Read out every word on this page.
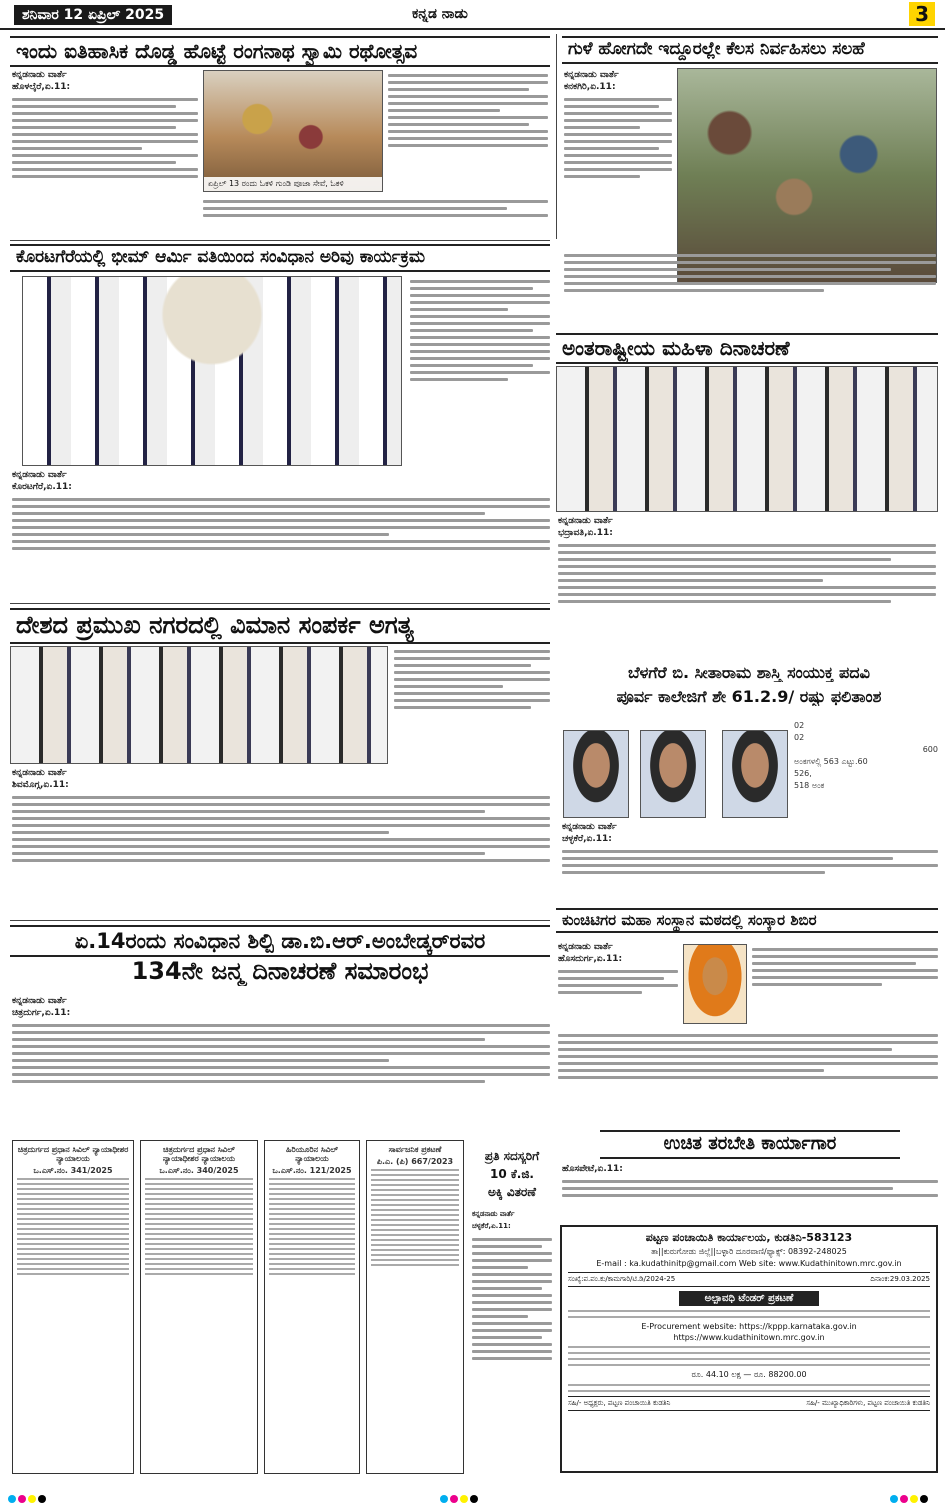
ಶನಿವಾರ 12 ಏಪ್ರಿಲ್ 2025	ಕನ್ನಡ ನಾಡು	3
ಇಂದು ಐತಿಹಾಸಿಕ ದೊಡ್ಡ ಹೊಟ್ಟೆ ರಂಗನಾಥ ಸ್ವಾಮಿ ರಥೋತ್ಸವ
ಕನ್ನಡನಾಡು ವಾರ್ತೆ
ಹೊಳಲ್ಕೆರೆ,ಏ.11:
ಏಪ್ರಿಲ್ 13 ರಂದು ಓಕಳಿ ಗುಂಡಿ ಪೂಜಾ ಸೇವೆ, ಓಕಳಿ
ಗುಳೆ ಹೋಗದೇ ಇದ್ದೂರಲ್ಲೇ ಕೆಲಸ ನಿರ್ವಹಿಸಲು ಸಲಹೆ
ಕನ್ನಡನಾಡು ವಾರ್ತೆ
ಕನಕಗಿರಿ,ಏ.11:
ಕೊರಟಗೆರೆಯಲ್ಲಿ ಭೀಮ್ ಆರ್ಮಿ ವತಿಯಿಂದ ಸಂವಿಧಾನ ಅರಿವು ಕಾರ್ಯಕ್ರಮ
ಕನ್ನಡನಾಡು ವಾರ್ತೆ
ಕೊರಟಗೆರೆ,ಏ.11:
ಅಂತರಾಷ್ಟ್ರೀಯ ಮಹಿಳಾ ದಿನಾಚರಣೆ
ಕನ್ನಡನಾಡು ವಾರ್ತೆ
ಭದ್ರಾವತಿ,ಏ.11:
ದೇಶದ ಪ್ರಮುಖ ನಗರದಲ್ಲಿ ವಿಮಾನ ಸಂಪರ್ಕ ಅಗತ್ಯ
ಕನ್ನಡನಾಡು ವಾರ್ತೆ
ಶಿವಮೊಗ್ಗ,ಏ.11:
ಬೆಳಗೆರೆ ಬಿ. ಸೀತಾರಾಮ ಶಾಸ್ತ್ರಿ ಸಂಯುಕ್ತ ಪದವಿ
ಪೂರ್ವ ಕಾಲೇಜಿಗೆ ಶೇ 61.2.9/ ರಷ್ಟು ಫಲಿತಾಂಶ
02
02
600
ಅಂಕಗಳಲ್ಲಿ 563 ಎಟ್ಟು.60
526,
518 ಅಂಕ
ಕನ್ನಡನಾಡು ವಾರ್ತೆ
ಚಳ್ಳಕೆರೆ,ಏ.11:
ಏ.14ರಂದು ಸಂವಿಧಾನ ಶಿಲ್ಪಿ ಡಾ.ಬಿ.ಆರ್.ಅಂಬೇಡ್ಕರ್‌ರವರ
134ನೇ ಜನ್ಮ ದಿನಾಚರಣೆ ಸಮಾರಂಭ
ಕನ್ನಡನಾಡು ವಾರ್ತೆ
ಚಿತ್ರದುರ್ಗ,ಏ.11:
ಕುಂಚಿಟಿಗರ ಮಹಾ ಸಂಸ್ಥಾನ ಮಠದಲ್ಲಿ ಸಂಸ್ಕಾರ ಶಿಬಿರ
ಕನ್ನಡನಾಡು ವಾರ್ತೆ
ಹೊಸದುರ್ಗ,ಏ.11:
ಉಚಿತ ತರಬೇತಿ ಕಾರ್ಯಾಗಾರ
ಹೊಸಪೇಟೆ,ಏ.11:
ಚಿತ್ರದುರ್ಗದ ಪ್ರಧಾನ ಸಿವಿಲ್ ನ್ಯಾಯಾಧೀಶರ ನ್ಯಾಯಾಲಯ
ಒ.ಎಸ್.ನಂ. 341/2025
ಚಿತ್ರದುರ್ಗದ ಪ್ರಧಾನ ಸಿವಿಲ್ ನ್ಯಾಯಾಧೀಶರ ನ್ಯಾಯಾಲಯ
ಒ.ಎಸ್.ನಂ. 340/2025
ಹಿರಿಯೂರಿನ ಸಿವಿಲ್ ನ್ಯಾಯಾಲಯ
ಒ.ಎಸ್.ನಂ. 121/2025
ಸಾರ್ವಜನಿಕ ಪ್ರಕಟಣೆ
ಪಿ.ಎ. (ಪಿ) 667/2023	ಪ್ರತಿ ಸದಸ್ಯರಿಗೆ
10 ಕೆ.ಜಿ.
ಅಕ್ಕಿ ವಿತರಣೆ
ಕನ್ನಡನಾಡು ವಾರ್ತೆ
ಚಳ್ಳಕೆರೆ,ಏ.11:
ಪಟ್ಟಣ ಪಂಚಾಯಿತಿ ಕಾರ್ಯಾಲಯ, ಕುಡತಿನಿ-583123
ತಾ||ಕುರುಗೋಡು ಜಿಲ್ಲೆ||ಬಳ್ಳಾರಿ ದೂರವಾಣಿ/ಫ್ಯಾಕ್ಸ್: 08392-248025
E-mail : ka.kudathinitp@gmail.com Web site: www.Kudathinitown.mrc.gov.in
ಸಂಖ್ಯೆ:ಪ.ಪಂ.ಕು/ಕಾಮಗಾರಿ/ಟಿ.ಡಿ/2024-25	ದಿನಾಂಕ:29.03.2025
ಅಲ್ಪಾವಧಿ ಟೆಂಡರ್ ಪ್ರಕಟಣೆ
E-Procurement website: https://kppp.karnataka.gov.in
https://www.kudathinitown.mrc.gov.in
ರೂ. 44.10 ಲಕ್ಷ — ರೂ. 88200.00
ಸಹಿ/- ಅಧ್ಯಕ್ಷರು, ಪಟ್ಟಣ ಪಂಚಾಯಿತಿ ಕುಡತಿನಿ	ಸಹಿ/- ಮುಖ್ಯಾಧಿಕಾರಿಗಳು, ಪಟ್ಟಣ ಪಂಚಾಯಿತಿ ಕುಡತಿನಿ
